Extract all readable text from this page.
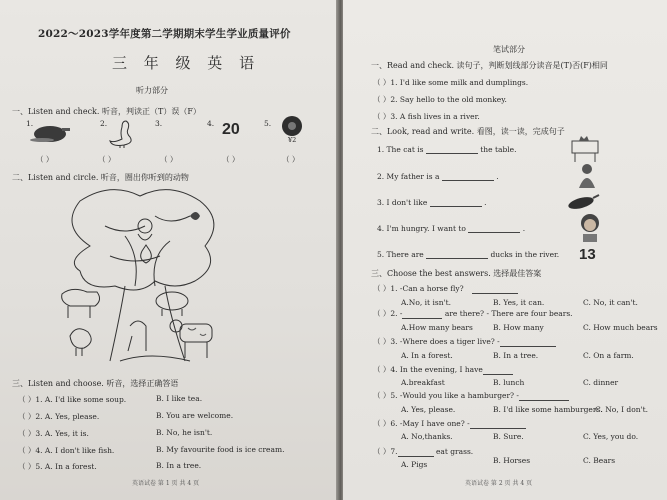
2022～2023学年度第二学期期末学生学业质量评价
三 年 级 英 语
听力部分
一、Listen and check. 听音，判读正（T）误（F）
1.	2.	3.	4. 20	5.
¥2
（ ）	（ ）	（ ）	（ ）	（ ）
二、Listen and circle. 听音，圈出你听到的动物
三、Listen and choose. 听音，选择正确答语
（ ）1. A. I'd like some soup.	B. I like tea.
（ ）2. A. Yes, please.	B. You are welcome.
（ ）3. A. Yes, it is.	B. No, he isn't.
（ ）4. A. I don't like fish.	B. My favourite food is ice cream.
（ ）5. A. In a forest.	B. In a tree.
英语试卷 第 1 页 共 4 页
笔试部分
一、Read and check. 读句子，判断划线部分读音是(T)否(F)相同
（ ）1. I'd like some milk and dumplings.
（ ）2. Say hello to the old monkey.
（ ）3. A fish lives in a river.
二、Look, read and write. 看图，读一读，完成句子
1. The cat is	the table.
2. My father is a	.
3. I don't like	.
4. I'm hungry. I want to	.
5. There are	ducks in the river. 13
三、Choose the best answers. 选择最佳答案
（ ）1. -Can a horse fly?
A.No, it isn't.	B. Yes, it can.	C. No, it can't.
（ ）2. -	are there? - There are four bears.
A.How many bears	B. How many	C. How much bears
（ ）3. -Where does a tiger live? -
A. In a forest.	B. In a tree.	C. On a farm.
（ ）4. In the evening, I have
A.breakfast	B. lunch	C. dinner
（ ）5. -Would you like a hamburger? -
A. Yes, please.	B. I'd like some hamburgers.
C. No, I don't.
（ ）6. -May I have one? -
A. No,thanks.	B. Sure.	C. Yes, you do.
（ ）7.	eat grass.
A. Pigs	B. Horses	C. Bears
英语试卷 第 2 页 共 4 页
